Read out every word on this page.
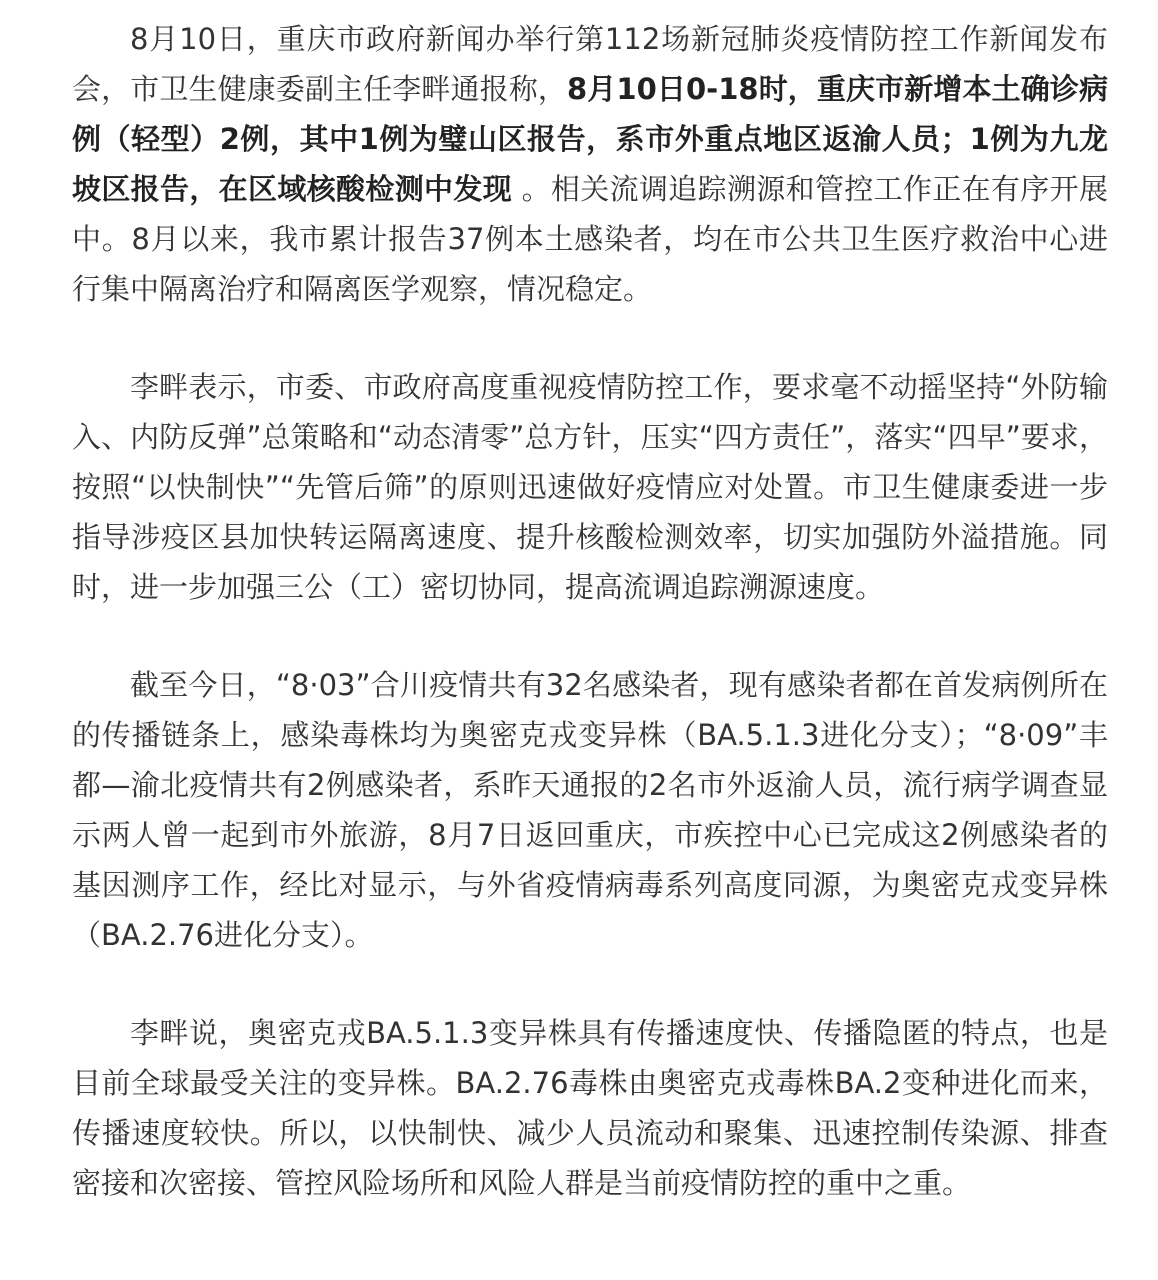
8月10日，重庆市政府新闻办举行第112场新冠肺炎疫情防控工作新闻发布会，市卫生健康委副主任李畔通报称，8月10日0-18时，重庆市新增本土确诊病例（轻型）2例，其中1例为璧山区报告，系市外重点地区返渝人员；1例为九龙坡区报告，在区域核酸检测中发现 。相关流调追踪溯源和管控工作正在有序开展中。8月以来，我市累计报告37例本土感染者，均在市公共卫生医疗救治中心进行集中隔离治疗和隔离医学观察，情况稳定。

李畔表示，市委、市政府高度重视疫情防控工作，要求毫不动摇坚持“外防输入、内防反弹”总策略和“动态清零”总方针，压实“四方责任”，落实“四早”要求，按照“以快制快”“先管后筛”的原则迅速做好疫情应对处置。市卫生健康委进一步指导涉疫区县加快转运隔离速度、提升核酸检测效率，切实加强防外溢措施。同时，进一步加强三公（工）密切协同，提高流调追踪溯源速度。

截至今日，“8·03”合川疫情共有32名感染者，现有感染者都在首发病例所在的传播链条上，感染毒株均为奥密克戎变异株（BA.5.1.3进化分支）；“8·09”丰都—渝北疫情共有2例感染者，系昨天通报的2名市外返渝人员，流行病学调查显示两人曾一起到市外旅游，8月7日返回重庆，市疾控中心已完成这2例感染者的基因测序工作，经比对显示，与外省疫情病毒系列高度同源，为奥密克戎变异株（BA.2.76进化分支）。

李畔说，奥密克戎BA.5.1.3变异株具有传播速度快、传播隐匿的特点，也是目前全球最受关注的变异株。BA.2.76毒株由奥密克戎毒株BA.2变种进化而来，传播速度较快。所以，以快制快、减少人员流动和聚集、迅速控制传染源、排查密接和次密接、管控风险场所和风险人群是当前疫情防控的重中之重。
